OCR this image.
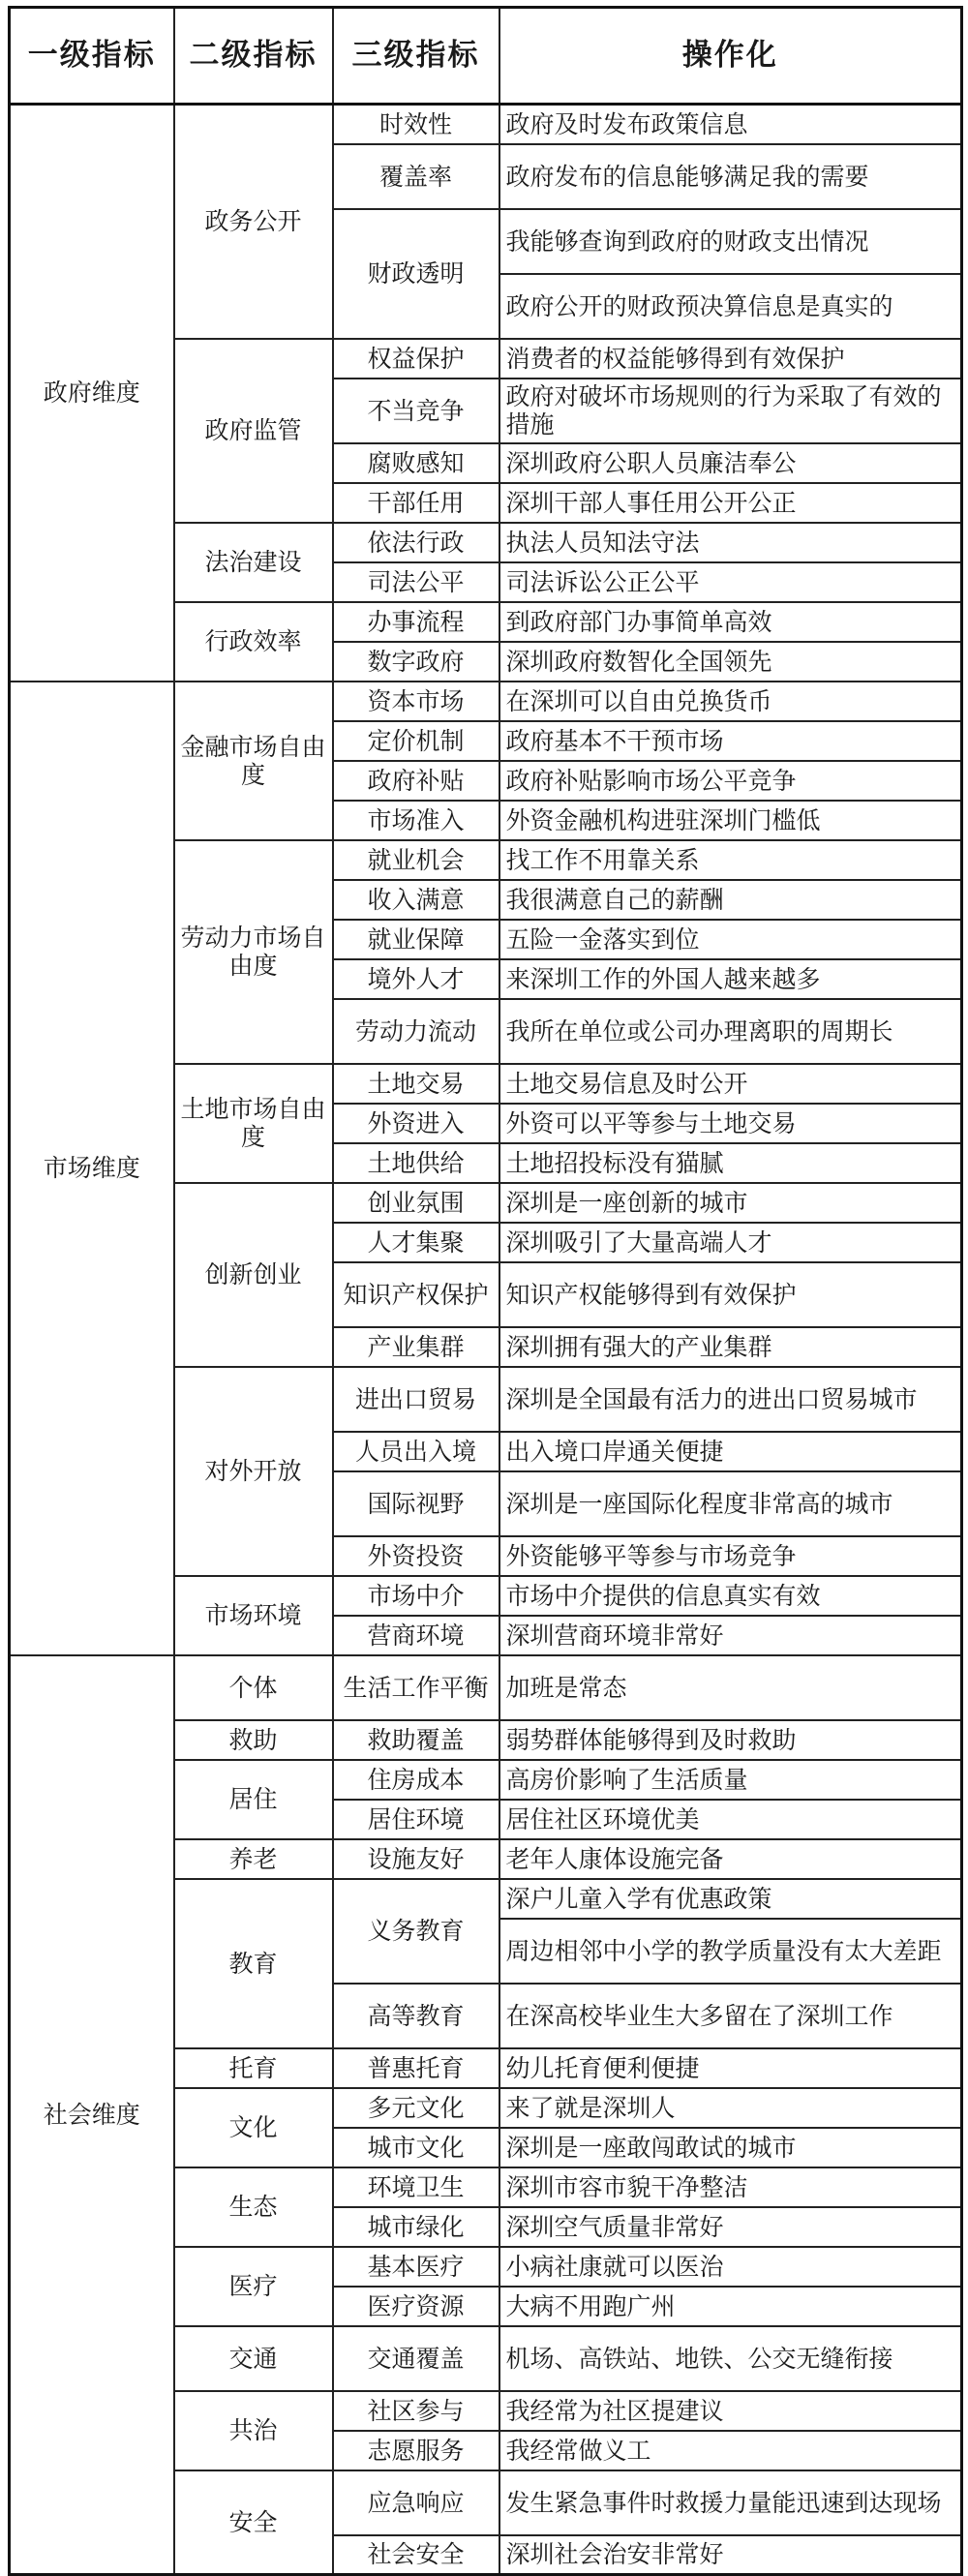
一级指标	二级指标	三级指标	操作化
政府维度	政务公开	时效性	政府及时发布政策信息
		覆盖率	政府发布的信息能够满足我的需要
		财政透明	我能够查询到政府的财政支出情况
			政府公开的财政预决算信息是真实的
	政府监管	权益保护	消费者的权益能够得到有效保护
		不当竞争	政府对破坏市场规则的行为采取了有效的措施
		腐败感知	深圳政府公职人员廉洁奉公
		干部任用	深圳干部人事任用公开公正
	法治建设	依法行政	执法人员知法守法
		司法公平	司法诉讼公正公平
	行政效率	办事流程	到政府部门办事简单高效
		数字政府	深圳政府数智化全国领先
市场维度	金融市场自由度	资本市场	在深圳可以自由兑换货币
		定价机制	政府基本不干预市场
		政府补贴	政府补贴影响市场公平竞争
		市场准入	外资金融机构进驻深圳门槛低
	劳动力市场自由度	就业机会	找工作不用靠关系
		收入满意	我很满意自己的薪酬
		就业保障	五险一金落实到位
		境外人才	来深圳工作的外国人越来越多
		劳动力流动	我所在单位或公司办理离职的周期长
	土地市场自由度	土地交易	土地交易信息及时公开
		外资进入	外资可以平等参与土地交易
		土地供给	土地招投标没有猫腻
	创新创业	创业氛围	深圳是一座创新的城市
		人才集聚	深圳吸引了大量高端人才
		知识产权保护	知识产权能够得到有效保护
		产业集群	深圳拥有强大的产业集群
	对外开放	进出口贸易	深圳是全国最有活力的进出口贸易城市
		人员出入境	出入境口岸通关便捷
		国际视野	深圳是一座国际化程度非常高的城市
		外资投资	外资能够平等参与市场竞争
	市场环境	市场中介	市场中介提供的信息真实有效
		营商环境	深圳营商环境非常好
社会维度	个体	生活工作平衡	加班是常态
	救助	救助覆盖	弱势群体能够得到及时救助
	居住	住房成本	高房价影响了生活质量
		居住环境	居住社区环境优美
	养老	设施友好	老年人康体设施完备
	教育	义务教育	深户儿童入学有优惠政策
			周边相邻中小学的教学质量没有太大差距
		高等教育	在深高校毕业生大多留在了深圳工作
	托育	普惠托育	幼儿托育便利便捷
	文化	多元文化	来了就是深圳人
		城市文化	深圳是一座敢闯敢试的城市
	生态	环境卫生	深圳市容市貌干净整洁
		城市绿化	深圳空气质量非常好
	医疗	基本医疗	小病社康就可以医治
		医疗资源	大病不用跑广州
	交通	交通覆盖	机场、高铁站、地铁、公交无缝衔接
	共治	社区参与	我经常为社区提建议
		志愿服务	我经常做义工
	安全	应急响应	发生紧急事件时救援力量能迅速到达现场
		社会安全	深圳社会治安非常好
